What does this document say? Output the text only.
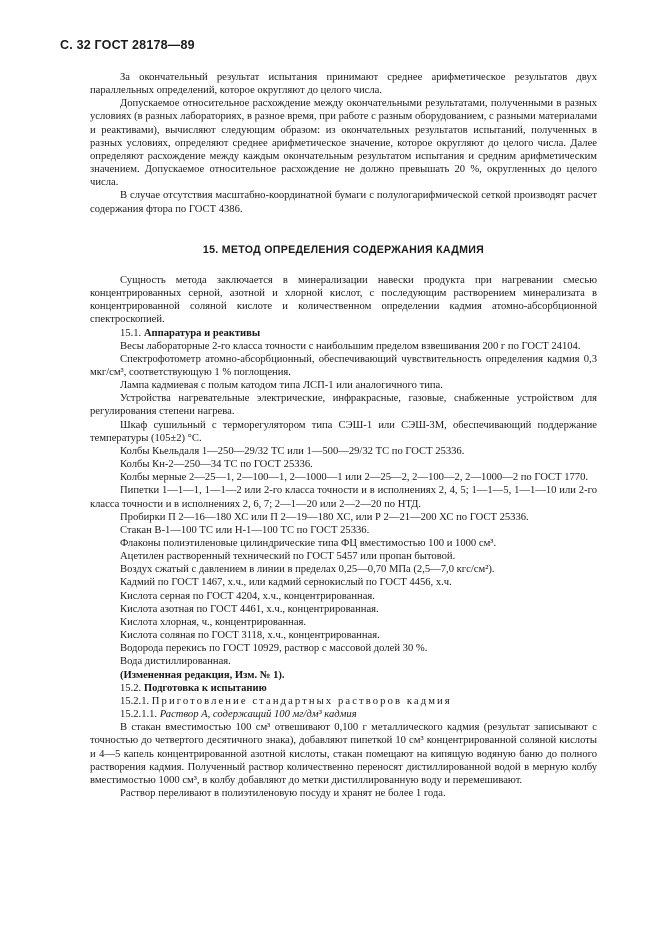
С. 32 ГОСТ 28178—89

За окончательный результат испытания принимают среднее арифметическое результатов двух параллельных определений, которое округляют до целого числа.

Допускаемое относительное расхождение между окончательными результатами, полученными в разных условиях (в разных лабораториях, в разное время, при работе с разным оборудованием, с разными материалами и реактивами), вычисляют следующим образом: из окончательных результатов испытаний, полученных в разных условиях, определяют среднее арифметическое значение, которое округляют до целого числа. Далее определяют расхождение между каждым окончательным результатом испытания и средним арифметическим значением. Допускаемое относительное расхождение не должно превышать 20 %, округленных до целого числа.

В случае отсутствия масштабно-координатной бумаги с полулогарифмической сеткой производят расчет содержания фтора по ГОСТ 4386.

15. МЕТОД ОПРЕДЕЛЕНИЯ СОДЕРЖАНИЯ КАДМИЯ

Сущность метода заключается в минерализации навески продукта при нагревании смесью концентрированных серной, азотной и хлорной кислот, с последующим растворением минерализата в концентрированной соляной кислоте и количественном определении кадмия атомно-абсорбционной спектроскопией.

15.1. Аппаратура и реактивы

Весы лабораторные 2-го класса точности с наибольшим пределом взвешивания 200 г по ГОСТ 24104.

Спектрофотометр атомно-абсорбционный, обеспечивающий чувствительность определения кадмия 0,3 мкг/см³, соответствующую 1 % поглощения.

Лампа кадмиевая с полым катодом типа ЛСП-1 или аналогичного типа.

Устройства нагревательные электрические, инфракрасные, газовые, снабженные устройством для регулирования степени нагрева.

Шкаф сушильный с терморегулятором типа СЭШ-1 или СЭШ-3М, обеспечивающий поддержание температуры (105±2) °С.

Колбы Кьельдаля 1—250—29/32 ТС или 1—500—29/32 ТС по ГОСТ 25336.

Колбы Кн-2—250—34 ТС по ГОСТ 25336.

Колбы мерные 2—25—1, 2—100—1, 2—1000—1 или 2—25—2, 2—100—2, 2—1000—2 по ГОСТ 1770.

Пипетки 1—1—1, 1—1—2 или 2-го класса точности и в исполнениях 2, 4, 5; 1—1—5, 1—1—10 или 2-го класса точности и в исполнениях 2, 6, 7; 2—1—20 или 2—2—20 по НТД.

Пробирки П 2—16—180 ХС или П 2—19—180 ХС, или Р 2—21—200 ХС по ГОСТ 25336.

Стакан В-1—100 ТС или Н-1—100 ТС по ГОСТ 25336.

Флаконы полиэтиленовые цилиндрические типа ФЦ вместимостью 100 и 1000 см³.

Ацетилен растворенный технический по ГОСТ 5457 или пропан бытовой.

Воздух сжатый с давлением в линии в пределах 0,25—0,70 МПа (2,5—7,0 кгс/см²).

Кадмий по ГОСТ 1467, х.ч., или кадмий сернокислый по ГОСТ 4456, х.ч.

Кислота серная по ГОСТ 4204, х.ч., концентрированная.

Кислота азотная по ГОСТ 4461, х.ч., концентрированная.

Кислота хлорная, ч., концентрированная.

Кислота соляная по ГОСТ 3118, х.ч., концентрированная.

Водорода перекись по ГОСТ 10929, раствор с массовой долей 30 %.

Вода дистиллированная.

(Измененная редакция, Изм. № 1).

15.2. Подготовка к испытанию

15.2.1. Приготовление стандартных растворов кадмия

15.2.1.1. Раствор А, содержащий 100 мг/дм³ кадмия

В стакан вместимостью 100 см³ отвешивают 0,100 г металлического кадмия (результат записывают с точностью до четвертого десятичного знака), добавляют пипеткой 10 см³ концентрированной соляной кислоты и 4—5 капель концентрированной азотной кислоты, стакан помещают на кипящую водяную баню до полного растворения кадмия. Полученный раствор количественно переносят дистиллированной водой в мерную колбу вместимостью 1000 см³, в колбу добавляют до метки дистиллированную воду и перемешивают.

Раствор переливают в полиэтиленовую посуду и хранят не более 1 года.
